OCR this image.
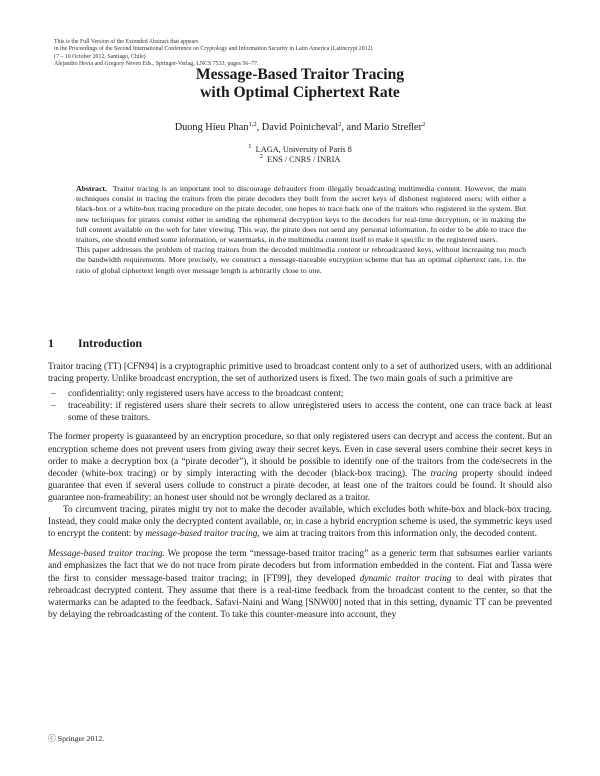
This is the Full Version of the Extended Abstract that appears
in the Proceedings of the Second International Conference on Cryptology and Information Security in Latin America (Latincrypt 2012)
(7 – 10 October 2012, Santiago, Chile)
Alejandro Hevia and Gregory Neven Eds., Springer-Verlag, LNCS 7533, pages 56–77.
Message-Based Traitor Tracing
with Optimal Ciphertext Rate
Duong Hieu Phan$^{1,2}$, David Pointcheval$^2$, and Mario Streﬂer$^2$
$^1$ LAGA, University of Paris 8
$^2$ ENS / CNRS / INRIA

Abstract. Traitor tracing is an important tool to discourage defrauders from illegally broadcasting multimedia content. However, the main techniques consist in tracing the traitors from the pirate decoders they built from the secret keys of dishonest registered users: with either a black-box or a white-box tracing procedure on the pirate decoder, one hopes to trace back one of the traitors who registered in the system. But new techniques for pirates consist either in sending the ephemeral decryption keys to the decoders for real-time decryption, or in making the full content available on the web for later viewing. This way, the pirate does not send any personal information. In order to be able to trace the traitors, one should embed some information, or watermarks, in the multimedia content itself to make it specific to the registered users.

This paper addresses the problem of tracing traitors from the decoded multimedia content or rebroadcasted keys, without increasing too much the bandwidth requirements. More precisely, we construct a message-traceable encryption scheme that has an optimal ciphertext rate, i.e. the ratio of global ciphertext length over message length is arbitrarily close to one.

1 Introduction

Traitor tracing (TT) [CFN94] is a cryptographic primitive used to broadcast content only to a set of authorized users, with an additional tracing property. Unlike broadcast encryption, the set of authorized users is fixed. The two main goals of such a primitive are

– confidentiality: only registered users have access to the broadcast content;
– traceability: if registered users share their secrets to allow unregistered users to access the content, one can trace back at least some of these traitors.

The former property is guaranteed by an encryption procedure, so that only registered users can decrypt and access the content. But an encryption scheme does not prevent users from giving away their secret keys. Even in case several users combine their secret keys in order to make a decryption box (a “pirate decoder”), it should be possible to identify one of the traitors from the code/secrets in the decoder (white-box tracing) or by simply interacting with the decoder (black-box tracing). The tracing property should indeed guarantee that even if several users collude to construct a pirate decoder, at least one of the traitors could be found. It should also guarantee non-frameability: an honest user should not be wrongly declared as a traitor.

To circumvent tracing, pirates might try not to make the decoder available, which excludes both white-box and black-box tracing. Instead, they could make only the decrypted content available, or, in case a hybrid encryption scheme is used, the symmetric keys used to encrypt the content: by message-based traitor tracing, we aim at tracing traitors from this information only, the decoded content.

Message-based traitor tracing. We propose the term “message-based traitor tracing” as a generic term that subsumes earlier variants and emphasizes the fact that we do not trace from pirate decoders but from information embedded in the content. Fiat and Tassa were the first to consider message-based traitor tracing; in [FT99], they developed dynamic traitor tracing to deal with pirates that rebroadcast decrypted content. They assume that there is a real-time feedback from the broadcast content to the center, so that the watermarks can be adapted to the feedback. Safavi-Naini and Wang [SNW00] noted that in this setting, dynamic TT can be prevented by delaying the rebroadcasting of the content. To take this counter-measure into account, they

ⓒ Springer 2012.
